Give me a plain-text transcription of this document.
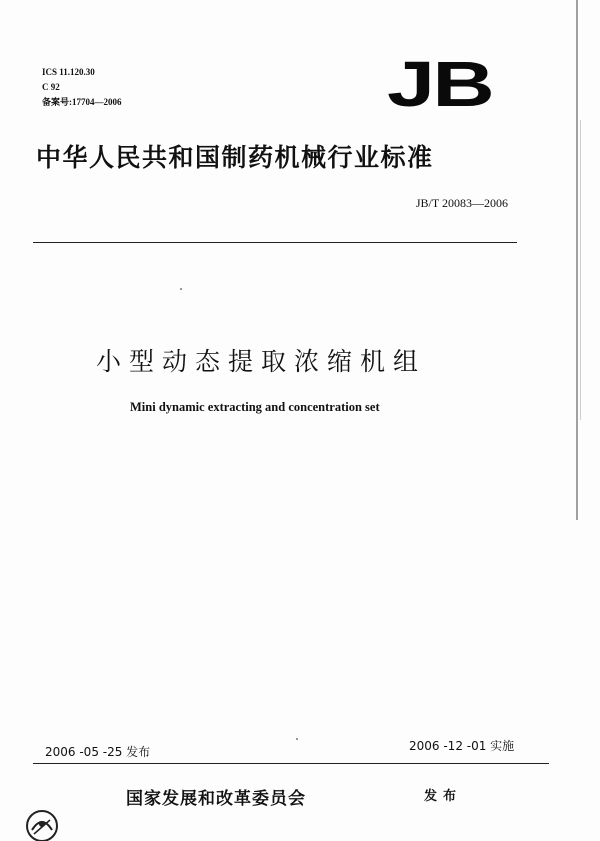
ICS 11.120.30
C 92
备案号:17704—2006	JB
中华人民共和国制药机械行业标准
JB/T 20083—2006
小型动态提取浓缩机组
Mini dynamic extracting and concentration set
2006 -05 -25 发布	2006 -12 -01 实施
国家发展和改革委员会	发布
